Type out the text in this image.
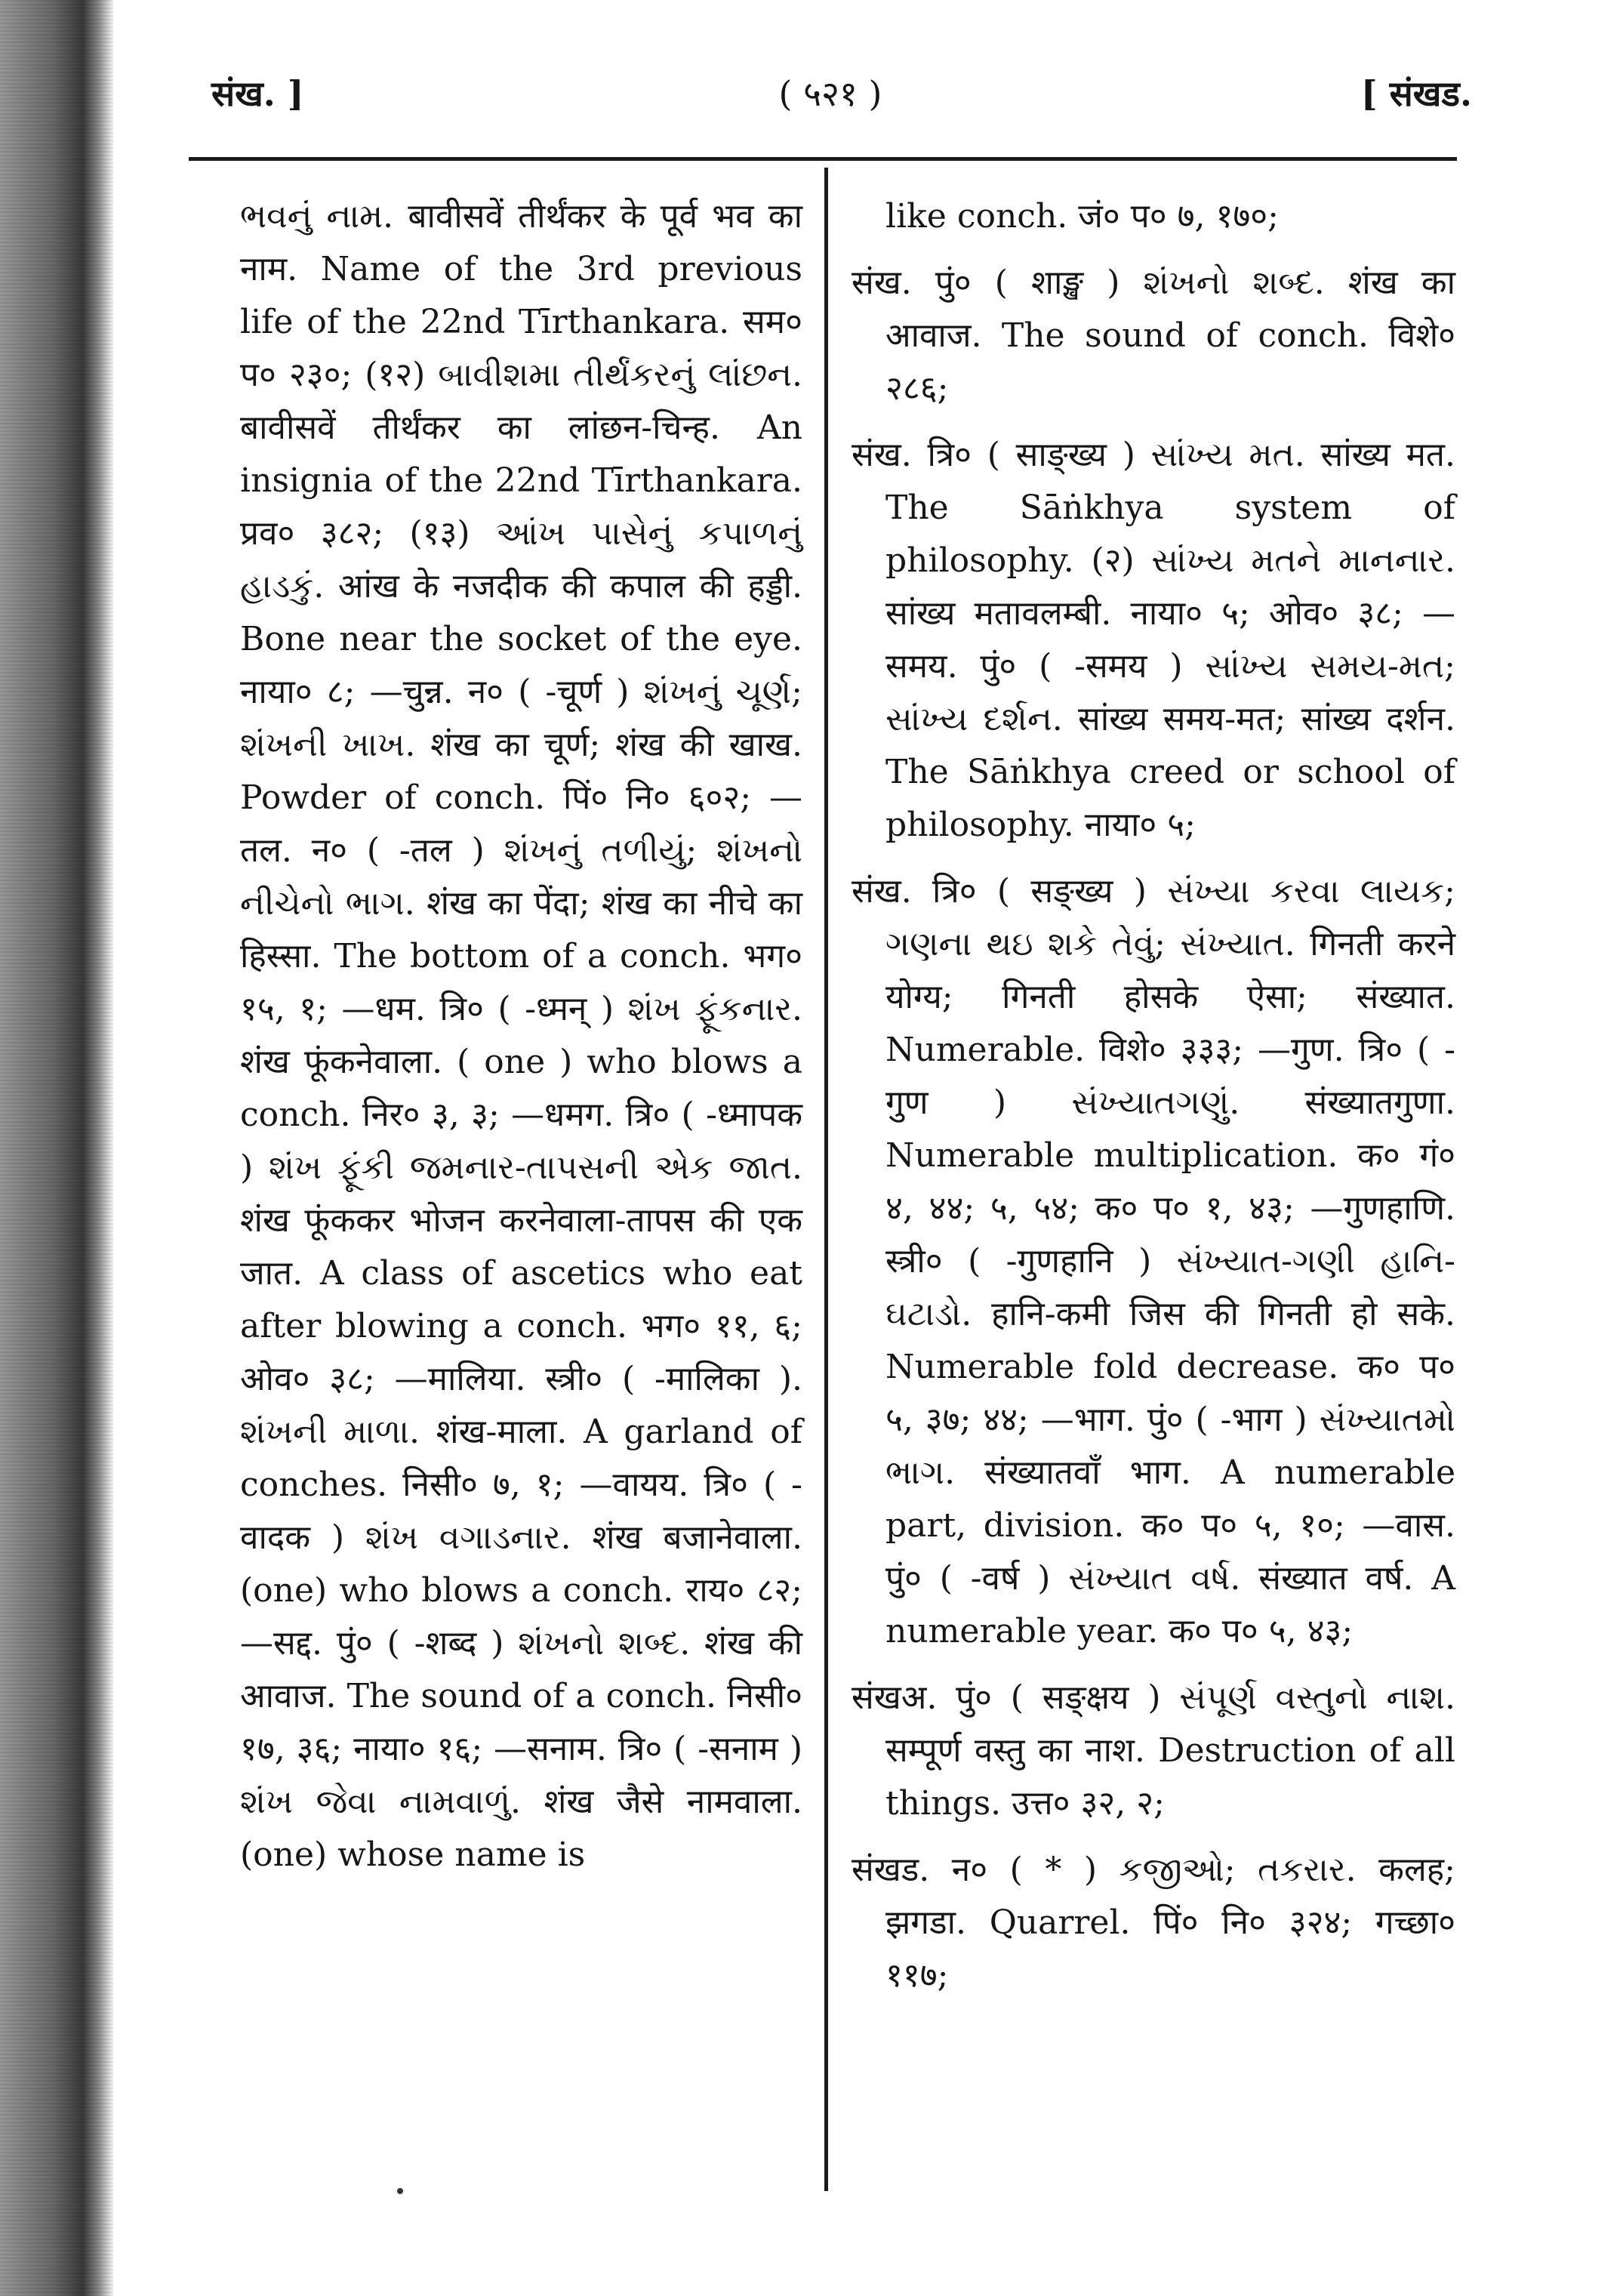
संख. ]	( ५२१ )	[ संखड.

ભવનું નામ. बावीसवें तीर्थंकर के पूर्व भव का नाम. Name of the 3rd previous life of the 22nd Tīrthankara. सम० प० २३०; (१२) બાવીશમા તીર્થંકરનું લાંછન. बावीसवें तीर्थंकर का लांछन-चिन्ह. An insignia of the 22nd Tīrthankara. प्रव० ३८२; (१३) આંખ પાસેનું કપાળનું હાડકું. आंख के नजदीक की कपाल की हड्डी. Bone near the socket of the eye. नाया० ८; —चुन्न. न० ( -चूर्ण ) શંખનું ચૂર્ણ; શંખની ખાખ. शंख का चूर्ण; शंख की खाख. Powder of conch. पिं० नि० ६०२; —तल. न० ( -तल ) શંખનું તળીયું; શંખનો નીચેનો ભાગ. शंख का पेंदा; शंख का नीचे का हिस्सा. The bottom of a conch. भग० १५, १; —धम. त्रि० ( -ध्मन् ) શંખ ફૂંકનાર. शंख फूंकनेवाला. ( one ) who blows a conch. निर० ३, ३; —धमग. त्रि० ( -ध्मापक ) શંખ ફૂંકી જમનાર-તાપસની એક જાત. शंख फूंककर भोजन करनेवाला-तापस की एक जात. A class of ascetics who eat after blowing a conch. भग० ११, ६; ओव० ३८; —मालिया. स्त्री० ( -मालिका ). શંખની માળા. शंख-माला. A garland of conches. निसी० ७, १; —वायय. त्रि० ( -वादक ) શંખ વગાડનાર. शंख बजानेवाला. (one) who blows a conch. राय० ८२; —सद्द. पुं० ( -शब्द ) શંખનો શબ્દ. शंख की आवाज. The sound of a conch. निसी० १७, ३६; नाया० १६; —सनाम. त्रि० ( -सनाम ) શંખ જેવા નામવાળું. शंख जैसे नामवाला. (one) whose name is

like conch. जं० प० ७, १७०;

संख. पुं० ( शाङ्ख ) શંખનો શબ્દ. शंख का आवाज. The sound of conch. विशे० २८६;

संख. त्रि० ( साङ्ख्य ) સાંખ્ય મત. सांख्य मत. The Sāṅkhya system of philosophy. (२) સાંખ્ય મતને માનનાર. सांख्य मतावलम्बी. नाया० ५; ओव० ३८; —समय. पुं० ( -समय ) સાંખ્ય સમય-મત; સાંખ્ય દર્શન. सांख्य समय-मत; सांख्य दर्शन. The Sāṅkhya creed or school of philosophy. नाया० ५;

संख. त्रि० ( सङ्ख्य ) સંખ્યા કરવા લાયક; ગણના થઇ શકે તેવું; સંખ્યાત. गिनती करने योग्य; गिनती होसके ऐसा; संख्यात. Numerable. विशे० ३३३; —गुण. त्रि० ( -गुण ) સંખ્યાતગણું. संख्यातगुणा. Numerable multiplication. क० गं० ४, ४४; ५, ५४; क० प० १, ४३; —गुणहाणि. स्त्री० ( -गुणहानि ) સંખ્યાત-ગણી હાનિ-ઘટાડો. हानि-कमी जिस की गिनती हो सके. Numerable fold decrease. क० प० ५, ३७; ४४; —भाग. पुं० ( -भाग ) સંખ્યાતમો ભાગ. संख्यातवाँ भाग. A numerable part, division. क० प० ५, १०; —वास. पुं० ( -वर्ष ) સંખ્યાત વર્ષ. संख्यात वर्ष. A numerable year. क० प० ५, ४३;

संखअ. पुं० ( सङ्क्षय ) સંપૂર્ણ વસ્તુનો નાશ. सम्पूर्ण वस्तु का नाश. Destruction of all things. उत्त० ३२, २;

संखड. न० ( * ) કજીઓ; તકરાર. कलह; झगडा. Quarrel. पिं० नि० ३२४; गच्छा० ११७;
